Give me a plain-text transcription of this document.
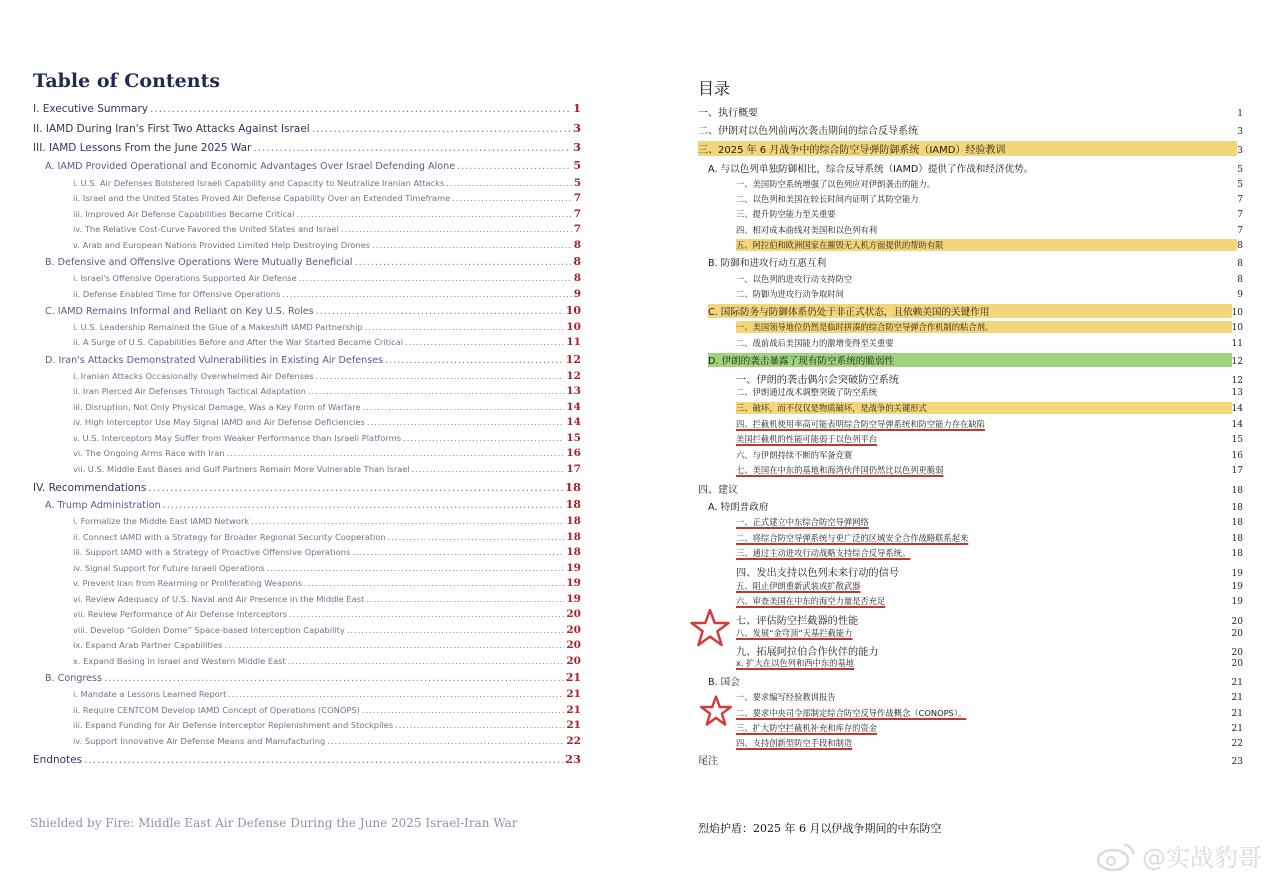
Table of Contents
I. Executive Summary .....	1
II. IAMD During Iran's First Two Attacks Against Israel .....	3
III. IAMD Lessons From the June 2025 War .....	3
A. IAMD Provided Operational and Economic Advantages Over Israel Defending Alone .....	5
i. U.S. Air Defenses Bolstered Israeli Capability and Capacity to Neutralize Iranian Attacks .....	5
ii. Israel and the United States Proved Air Defense Capability Over an Extended Timeframe .....	7
iii. Improved Air Defense Capabilities Became Critical .....	7
iv. The Relative Cost-Curve Favored the United States and Israel .....	7
v. Arab and European Nations Provided Limited Help Destroying Drones .....	8
B. Defensive and Offensive Operations Were Mutually Beneficial .....	8
i. Israel's Offensive Operations Supported Air Defense .....	8
ii. Defense Enabled Time for Offensive Operations .....	9
C. IAMD Remains Informal and Reliant on Key U.S. Roles .....	10
i. U.S. Leadership Remained the Glue of a Makeshift IAMD Partnership .....	10
ii. A Surge of U.S. Capabilities Before and After the War Started Became Critical .....	11
D. Iran's Attacks Demonstrated Vulnerabilities in Existing Air Defenses .....	12
i. Iranian Attacks Occasionally Overwhelmed Air Defenses .....	12
ii. Iran Pierced Air Defenses Through Tactical Adaptation .....	13
iii. Disruption, Not Only Physical Damage, Was a Key Form of Warfare .....	14
iv. High Interceptor Use May Signal IAMD and Air Defense Deficiencies .....	14
v. U.S. Interceptors May Suffer from Weaker Performance than Israeli Platforms .....	15
vi. The Ongoing Arms Race with Iran .....	16
vii. U.S. Middle East Bases and Gulf Partners Remain More Vulnerable Than Israel .....	17
IV. Recommendations .....	18
A. Trump Administration .....	18
i. Formalize the Middle East IAMD Network .....	18
ii. Connect IAMD with a Strategy for Broader Regional Security Cooperation .....	18
iii. Support IAMD with a Strategy of Proactive Offensive Operations .....	18
iv. Signal Support for Future Israeli Operations .....	19
v. Prevent Iran from Rearming or Proliferating Weapons .....	19
vi. Review Adequacy of U.S. Naval and Air Presence in the Middle East .....	19
vii. Review Performance of Air Defense Interceptors .....	20
viii. Develop “Golden Dome” Space-based Interception Capability .....	20
ix. Expand Arab Partner Capabilities .....	20
x. Expand Basing in Israel and Western Middle East .....	20
B. Congress .....	21
i. Mandate a Lessons Learned Report .....	21
ii. Require CENTCOM Develop IAMD Concept of Operations (CONOPS) .....	21
iii. Expand Funding for Air Defense Interceptor Replenishment and Stockpiles .....	21
iv. Support Innovative Air Defense Means and Manufacturing .....	22
Endnotes .....	23
Shielded by Fire: Middle East Air Defense During the June 2025 Israel-Iran War
目录
一、执行概要	1
二、伊朗对以色列前两次袭击期间的综合反导系统	3
三、2025 年 6 月战争中的综合防空导弹防御系统（IAMD）经验教训	3
A. 与以色列单独防御相比，综合反导系统（IAMD）提供了作战和经济优势。	5
一、美国防空系统增强了以色列应对伊朗袭击的能力。	5
二、以色列和美国在较长时间内证明了其防空能力	7
三、提升防空能力至关重要	7
四、相对成本曲线对美国和以色列有利	7
五、阿拉伯和欧洲国家在摧毁无人机方面提供的帮助有限	8
B. 防御和进攻行动互惠互利	8
一、以色列的进攻行动支持防空	8
二、防御为进攻行动争取时间	9
C. 国际防务与防御体系仍处于非正式状态，且依赖美国的关键作用	10
一、美国领导地位仍然是临时拼凑的综合防空导弹合作机制的粘合剂。	10
二、战前战后美国能力的激增变得至关重要	11
D. 伊朗的袭击暴露了现有防空系统的脆弱性	12
一、伊朗的袭击偶尔会突破防空系统	12
二、伊朗通过战术调整突破了防空系统	13
三、破坏，而不仅仅是物质破坏，是战争的关键形式	14
四、拦截机使用率高可能表明综合防空导弹系统和防空能力存在缺陷	14
美国拦截机的性能可能弱于以色列平台	15
六、与伊朗持续不断的军备竞赛	16
七、美国在中东的基地和海湾伙伴国仍然比以色列更脆弱	17
四、建议	18
A. 特朗普政府	18
一、正式建立中东综合防空导弹网络	18
二、将综合防空导弹系统与更广泛的区域安全合作战略联系起来	18
三、通过主动进攻行动战略支持综合反导系统。	18
四、发出支持以色列未来行动的信号	19
五、阻止伊朗重新武装或扩散武器	19
六、审查美国在中东的海空力量是否充足	19
七、评估防空拦截器的性能	20
八、发展“金穹顶”天基拦截能力	20
九、拓展阿拉伯合作伙伴的能力	20
x. 扩大在以色列和西中东的基地	20
B. 国会	21
一、要求编写经验教训报告	21
二、要求中央司令部制定综合防空反导作战概念（CONOPS）。	21
三、扩大防空拦截机补充和库存的资金	21
四、支持创新型防空手段和制造	22
尾注	23
烈焰护盾：2025 年 6 月以伊战争期间的中东防空
@实战豹哥
